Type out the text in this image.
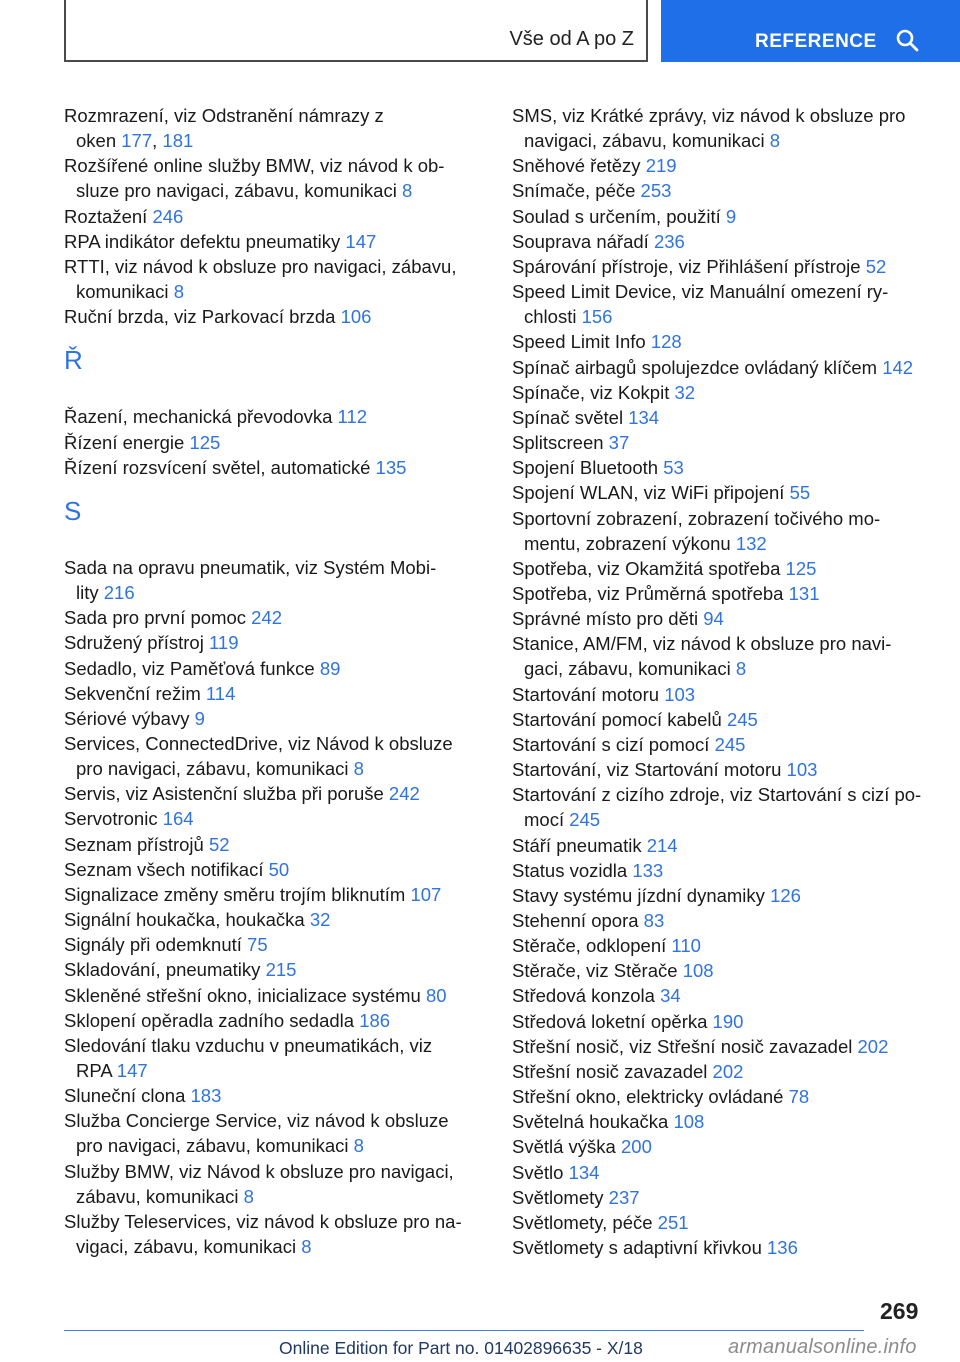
Vše od A po Z	REFERENCE
Rozmrazení, viz Odstranění námrazy z
oken 177, 181
Rozšířené online služby BMW, viz návod k ob-
sluze pro navigaci, zábavu, komunikaci 8
Roztažení 246
RPA indikátor defektu pneumatiky 147
RTTI, viz návod k obsluze pro navigaci, zábavu,
komunikaci 8
Ruční brzda, viz Parkovací brzda 106
Ř
Řazení, mechanická převodovka 112
Řízení energie 125
Řízení rozsvícení světel, automatické 135
S
Sada na opravu pneumatik, viz Systém Mobi-
lity 216
Sada pro první pomoc 242
Sdružený přístroj 119
Sedadlo, viz Paměťová funkce 89
Sekvenční režim 114
Sériové výbavy 9
Services, ConnectedDrive, viz Návod k obsluze
pro navigaci, zábavu, komunikaci 8
Servis, viz Asistenční služba při poruše 242
Servotronic 164
Seznam přístrojů 52
Seznam všech notifikací 50
Signalizace změny směru trojím bliknutím 107
Signální houkačka, houkačka 32
Signály při odemknutí 75
Skladování, pneumatiky 215
Skleněné střešní okno, inicializace systému 80
Sklopení opěradla zadního sedadla 186
Sledování tlaku vzduchu v pneumatikách, viz
RPA 147
Sluneční clona 183
Služba Concierge Service, viz návod k obsluze
pro navigaci, zábavu, komunikaci 8
Služby BMW, viz Návod k obsluze pro navigaci,
zábavu, komunikaci 8
Služby Teleservices, viz návod k obsluze pro na-
vigaci, zábavu, komunikaci 8
SMS, viz Krátké zprávy, viz návod k obsluze pro
navigaci, zábavu, komunikaci 8
Sněhové řetězy 219
Snímače, péče 253
Soulad s určením, použití 9
Souprava nářadí 236
Spárování přístroje, viz Přihlášení přístroje 52
Speed Limit Device, viz Manuální omezení ry-
chlosti 156
Speed Limit Info 128
Spínač airbagů spolujezdce ovládaný klíčem 142
Spínače, viz Kokpit 32
Spínač světel 134
Splitscreen 37
Spojení Bluetooth 53
Spojení WLAN, viz WiFi připojení 55
Sportovní zobrazení, zobrazení točivého mo-
mentu, zobrazení výkonu 132
Spotřeba, viz Okamžitá spotřeba 125
Spotřeba, viz Průměrná spotřeba 131
Správné místo pro děti 94
Stanice, AM/FM, viz návod k obsluze pro navi-
gaci, zábavu, komunikaci 8
Startování motoru 103
Startování pomocí kabelů 245
Startování s cizí pomocí 245
Startování, viz Startování motoru 103
Startování z cizího zdroje, viz Startování s cizí po-
mocí 245
Stáří pneumatik 214
Status vozidla 133
Stavy systému jízdní dynamiky 126
Stehenní opora 83
Stěrače, odklopení 110
Stěrače, viz Stěrače 108
Středová konzola 34
Středová loketní opěrka 190
Střešní nosič, viz Střešní nosič zavazadel 202
Střešní nosič zavazadel 202
Střešní okno, elektricky ovládané 78
Světelná houkačka 108
Světlá výška 200
Světlo 134
Světlomety 237
Světlomety, péče 251
Světlomety s adaptivní křivkou 136
269
Online Edition for Part no. 01402896635 - X/18	armanualsonline.info
